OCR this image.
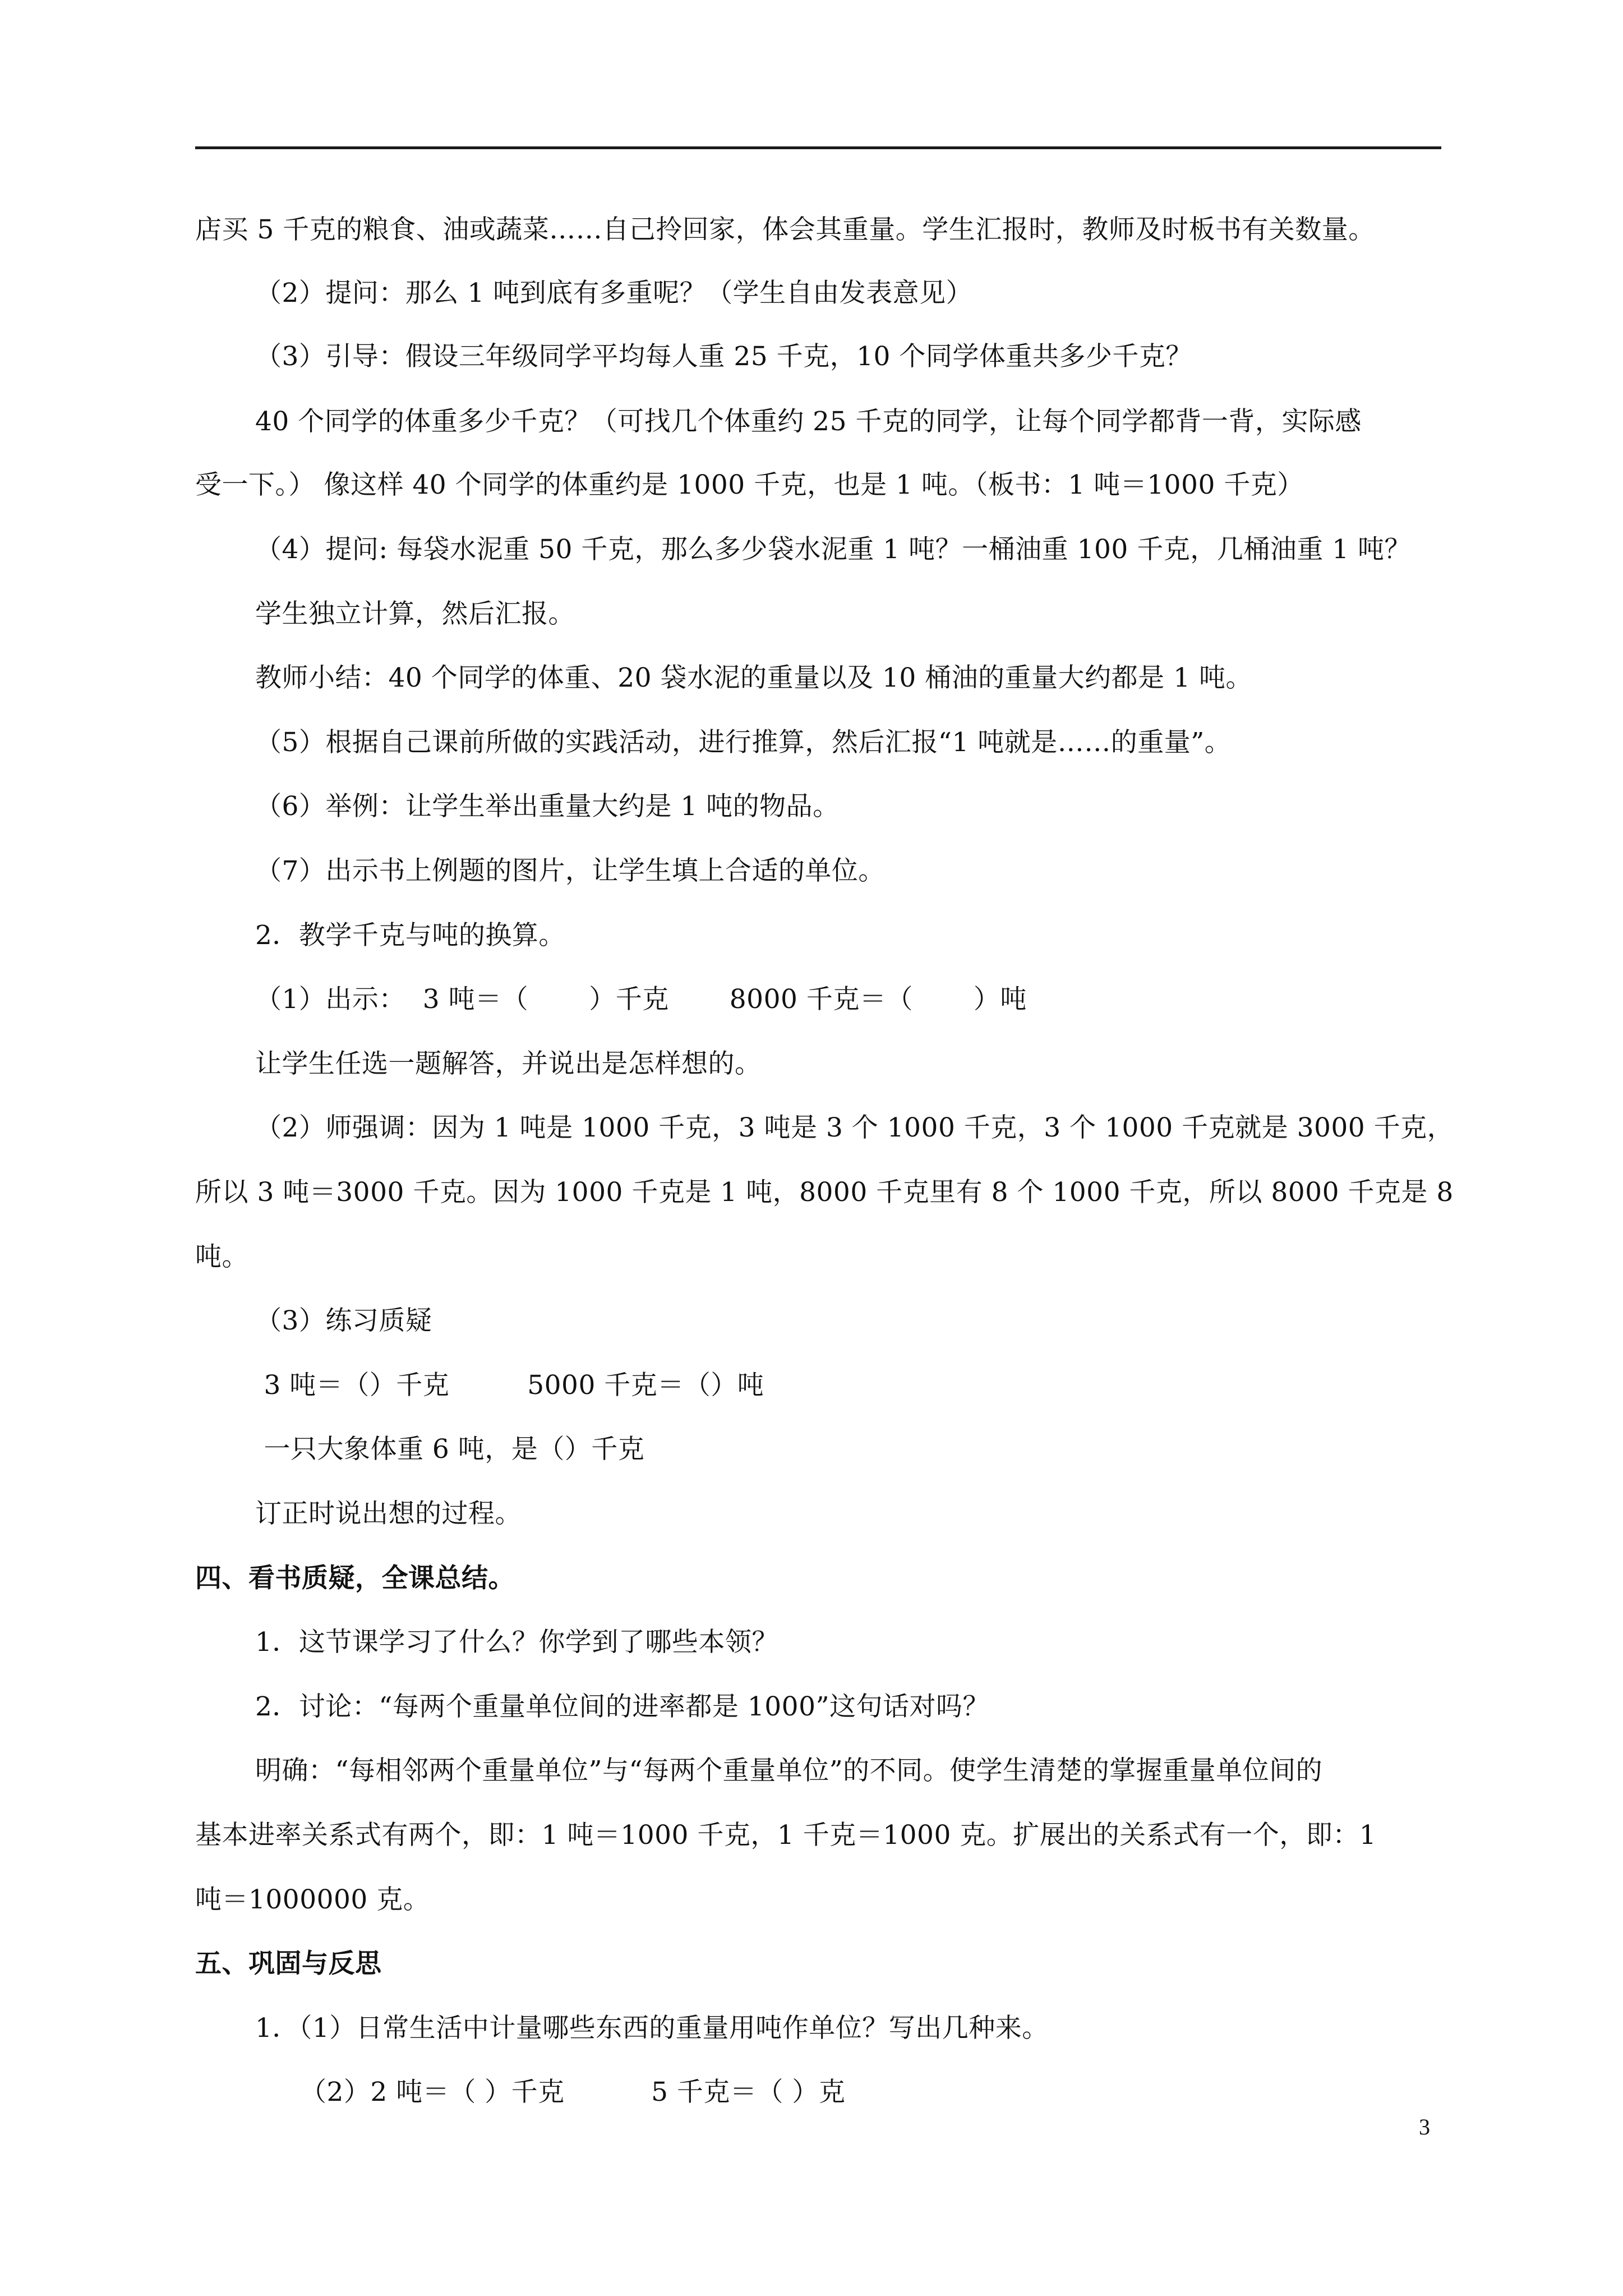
店买 5 千克的粮食、油或蔬菜……自己拎回家，体会其重量。学生汇报时，教师及时板书有关数量。
（2）提问：那么 1 吨到底有多重呢？（学生自由发表意见）
（3）引导：假设三年级同学平均每人重 25 千克，10 个同学体重共多少千克？
40 个同学的体重多少千克？（可找几个体重约 25 千克的同学，让每个同学都背一背，实际感
受一下。） 像这样 40 个同学的体重约是 1000 千克，也是 1 吨。（板书：1 吨＝1000 千克）
（4）提问: 每袋水泥重 50 千克，那么多少袋水泥重 1 吨？一桶油重 100 千克，几桶油重 1 吨？
学生独立计算，然后汇报。
教师小结：40 个同学的体重、20 袋水泥的重量以及 10 桶油的重量大约都是 1 吨。
（5）根据自己课前所做的实践活动，进行推算，然后汇报“1 吨就是……的重量”。
（6）举例：让学生举出重量大约是 1 吨的物品。
（7）出示书上例题的图片，让学生填上合适的单位。
2．教学千克与吨的换算。
（1）出示：  3 吨＝（       ）千克       8000 千克＝（       ）吨
让学生任选一题解答，并说出是怎样想的。
（2）师强调：因为 1 吨是 1000 千克，3 吨是 3 个 1000 千克，3 个 1000 千克就是 3000 千克，
所以 3 吨＝3000 千克。因为 1000 千克是 1 吨，8000 千克里有 8 个 1000 千克，所以 8000 千克是 8
吨。
（3）练习质疑
3 吨＝（）千克         5000 千克＝（）吨
一只大象体重 6 吨，是（）千克
订正时说出想的过程。
四、看书质疑，全课总结。
1．这节课学习了什么？你学到了哪些本领？
2．讨论：“每两个重量单位间的进率都是 1000”这句话对吗？
明确：“每相邻两个重量单位”与“每两个重量单位”的不同。使学生清楚的掌握重量单位间的
基本进率关系式有两个，即：1 吨＝1000 千克，1 千克＝1000 克。扩展出的关系式有一个，即：1
吨＝1000000 克。
五、巩固与反思
1．（1）日常生活中计量哪些东西的重量用吨作单位？写出几种来。
（2）2 吨＝（ ）千克          5 千克＝（ ）克
3
